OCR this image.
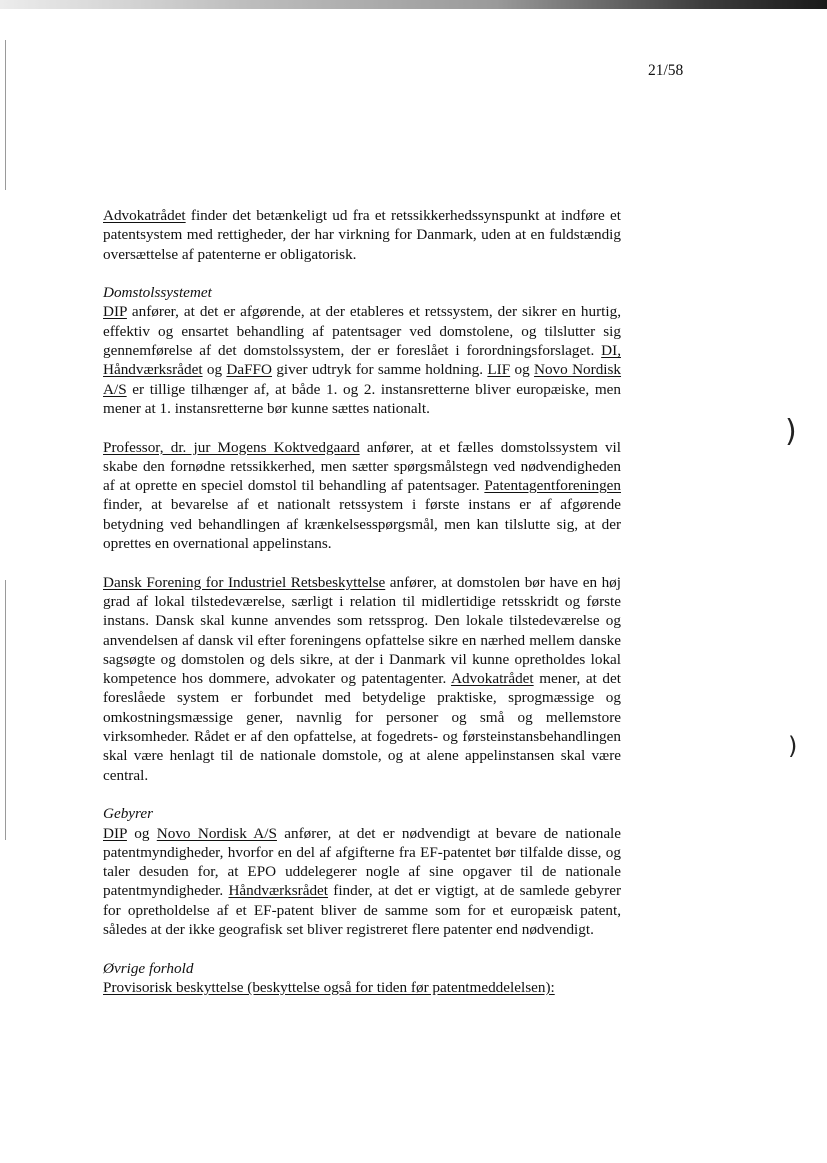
21/58
)
)

Advokatrådet finder det betænkeligt ud fra et retssikkerhedssynspunkt at indføre et patentsystem med rettigheder, der har virkning for Danmark, uden at en fuldstændig oversættelse af patenterne er obligatorisk.

Domstolssystemet
DIP anfører, at det er afgørende, at der etableres et retssystem, der sikrer en hurtig, effektiv og ensartet behandling af patentsager ved domstolene, og tilslutter sig gennemførelse af det domstolssystem, der er foreslået i forordningsforslaget. DI, Håndværksrådet og DaFFO giver udtryk for samme holdning. LIF og Novo Nordisk A/S er tillige tilhænger af, at både 1. og 2. instansretterne bliver europæiske, men mener at 1. instansretterne bør kunne sættes nationalt.

Professor, dr. jur Mogens Koktvedgaard anfører, at et fælles domstolssystem vil skabe den fornødne retssikkerhed, men sætter spørgsmålstegn ved nødvendigheden af at oprette en speciel domstol til behandling af patentsager. Patentagentforeningen finder, at bevarelse af et nationalt retssystem i første instans er af afgørende betydning ved behandlingen af krænkelsesspørgsmål, men kan tilslutte sig, at der oprettes en overnational appelinstans.

Dansk Forening for Industriel Retsbeskyttelse anfører, at domstolen bør have en høj grad af lokal tilstedeværelse, særligt i relation til midlertidige retsskridt og første instans. Dansk skal kunne anvendes som retssprog. Den lokale tilstedeværelse og anvendelsen af dansk vil efter foreningens opfattelse sikre en nærhed mellem danske sagsøgte og domstolen og dels sikre, at der i Danmark vil kunne opretholdes lokal kompetence hos dommere, advokater og patentagenter. Advokatrådet mener, at det foreslåede system er forbundet med betydelige praktiske, sprogmæssige og omkostningsmæssige gener, navnlig for personer og små og mellemstore virksomheder. Rådet er af den opfattelse, at fogedrets- og førsteinstansbehandlingen skal være henlagt til de nationale domstole, og at alene appelinstansen skal være central.

Gebyrer
DIP og Novo Nordisk A/S anfører, at det er nødvendigt at bevare de nationale patentmyndigheder, hvorfor en del af afgifterne fra EF-patentet bør tilfalde disse, og taler desuden for, at EPO uddelegerer nogle af sine opgaver til de nationale patentmyndigheder. Håndværksrådet finder, at det er vigtigt, at de samlede gebyrer for opretholdelse af et EF-patent bliver de samme som for et europæisk patent, således at der ikke geografisk set bliver registreret flere patenter end nødvendigt.

Øvrige forhold
Provisorisk beskyttelse (beskyttelse også for tiden før patentmeddelelsen):
